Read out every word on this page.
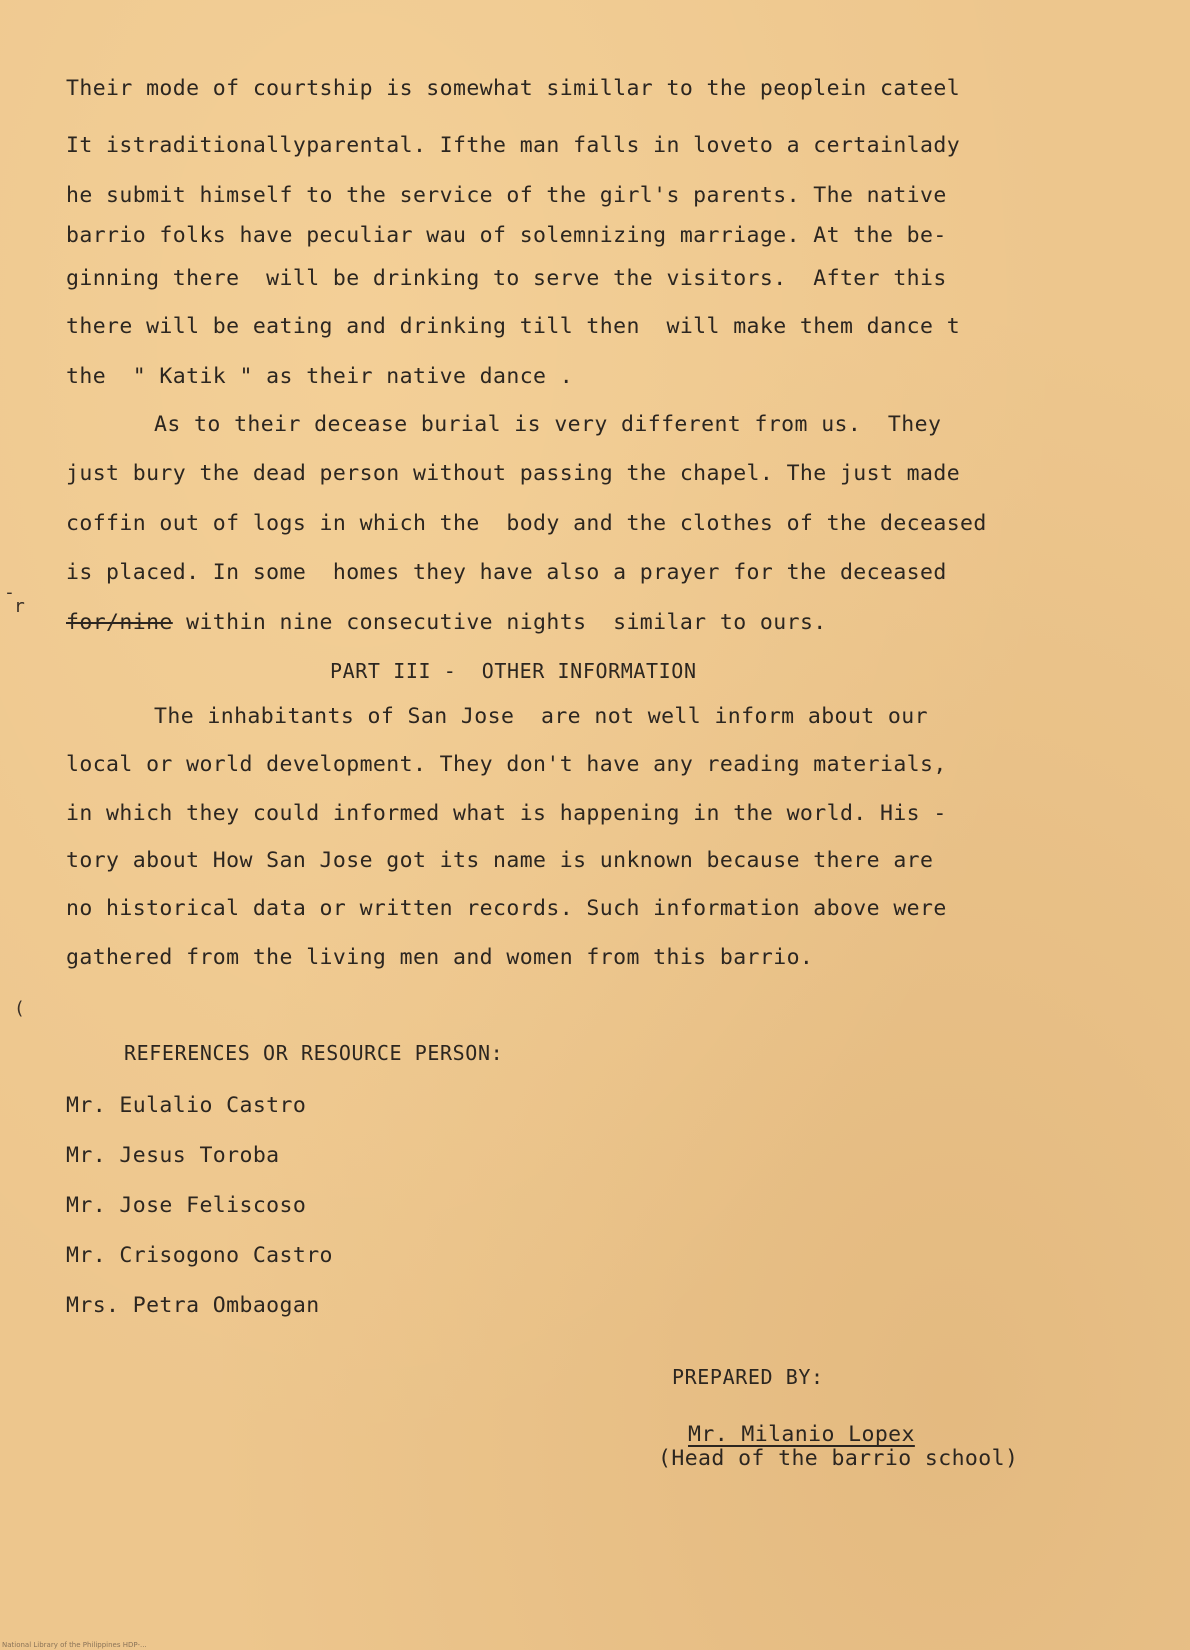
Their mode of courtship is somewhat simillar to the peoplein cateel
It istraditionallyparental. Ifthe man falls in loveto a certainlady
he submit himself to the service of the girl's parents. The native
barrio folks have peculiar wau of solemnizing marriage. At the be-
ginning there  will be drinking to serve the visitors.  After this
there will be eating and drinking till then  will make them dance t
the  " Katik " as their native dance .
As to their decease burial is very different from us.  They
just bury the dead person without passing the chapel. The just made
coffin out of logs in which the  body and the clothes of the deceased
is placed. In some  homes they have also a prayer for the deceased
for/nine within nine consecutive nights  similar to ours.
PART III -  OTHER INFORMATION
The inhabitants of San Jose  are not well inform about our
local or world development. They don't have any reading materials,
in which they could informed what is happening in the world. His -
tory about How San Jose got its name is unknown because there are
no historical data or written records. Such information above were
gathered from the living men and women from this barrio.
REFERENCES OR RESOURCE PERSON:
Mr. Eulalio Castro
Mr. Jesus Toroba
Mr. Jose Feliscoso
Mr. Crisogono Castro
Mrs. Petra Ombaogan
PREPARED BY:
Mr. Milanio Lopex
(Head of the barrio school)
r
(
-
National Library of the Philippines HDP-...
